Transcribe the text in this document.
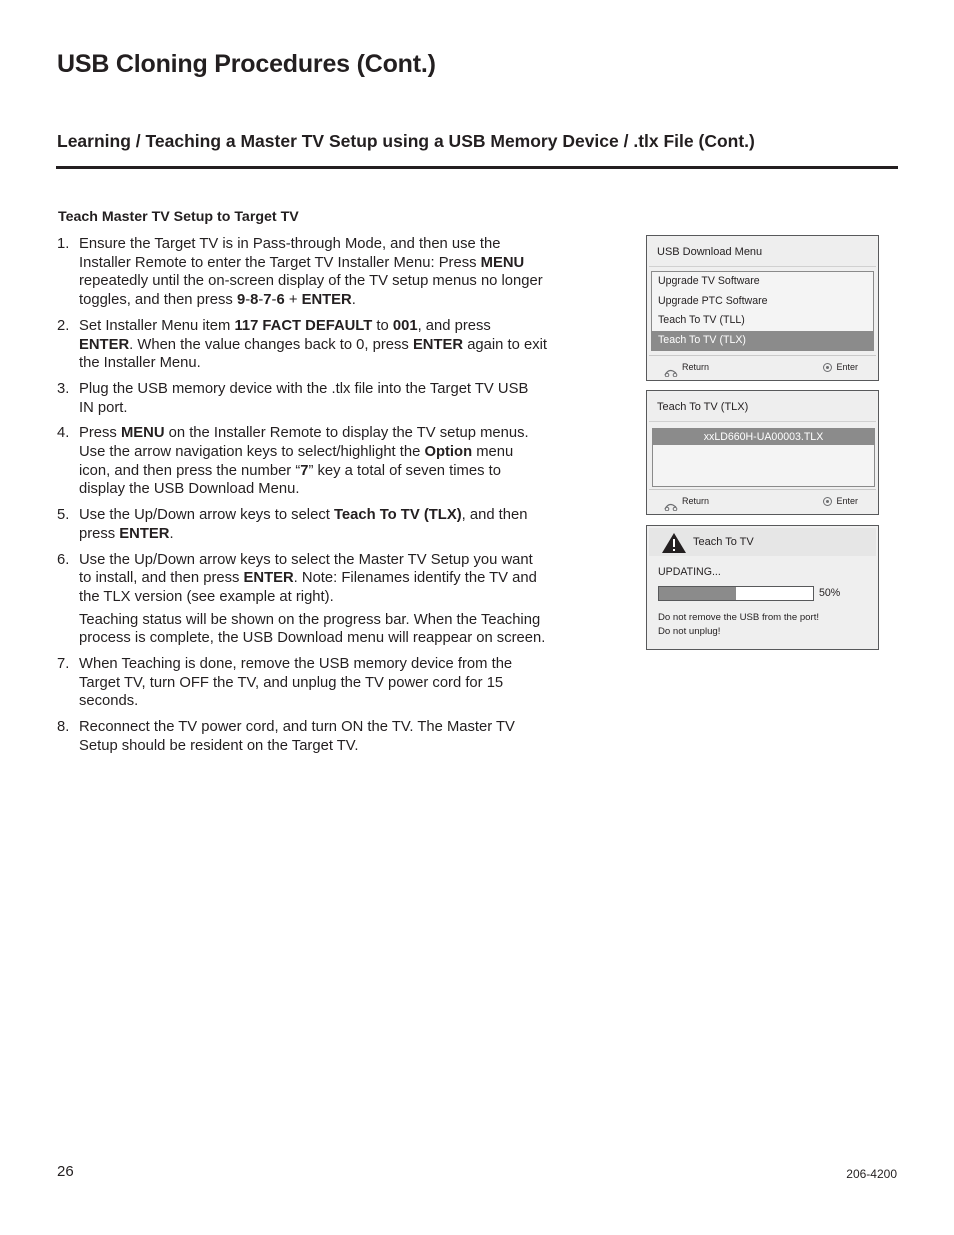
USB Cloning Procedures (Cont.)
Learning / Teaching a Master TV Setup using a USB Memory Device / .tlx File (Cont.)
Teach Master TV Setup to Target TV
1. Ensure the Target TV is in Pass-through Mode, and then use the Installer Remote to enter the Target TV Installer Menu: Press MENU repeatedly until the on-screen display of the TV setup menus no longer toggles, and then press 9-8-7-6 + ENTER.
2. Set Installer Menu item 117 FACT DEFAULT to 001, and press ENTER. When the value changes back to 0, press ENTER again to exit the Installer Menu.
3. Plug the USB memory device with the .tlx file into the Target TV USB IN port.
4. Press MENU on the Installer Remote to display the TV setup menus. Use the arrow navigation keys to select/highlight the Option menu icon, and then press the number “7” key a total of seven times to display the USB Download Menu.
5. Use the Up/Down arrow keys to select Teach To TV (TLX), and then press ENTER.
6. Use the Up/Down arrow keys to select the Master TV Setup you want to install, and then press ENTER. Note: Filenames identify the TV and the TLX version (see example at right).
Teaching status will be shown on the progress bar. When the Teaching process is complete, the USB Download menu will reappear on screen.
7. When Teaching is done, remove the USB memory device from the Target TV, turn OFF the TV, and unplug the TV power cord for 15 seconds.
8. Reconnect the TV power cord, and turn ON the TV. The Master TV Setup should be resident on the Target TV.
USB Download Menu
Upgrade TV Software
Upgrade PTC Software
Teach To TV (TLL)
Teach To TV (TLX)
Return	Enter
Teach To TV (TLX)
xxLD660H-UA00003.TLX
Return	Enter
Teach To TV
UPDATING...
50%
Do not remove the USB from the port!
Do not unplug!
26	206-4200
